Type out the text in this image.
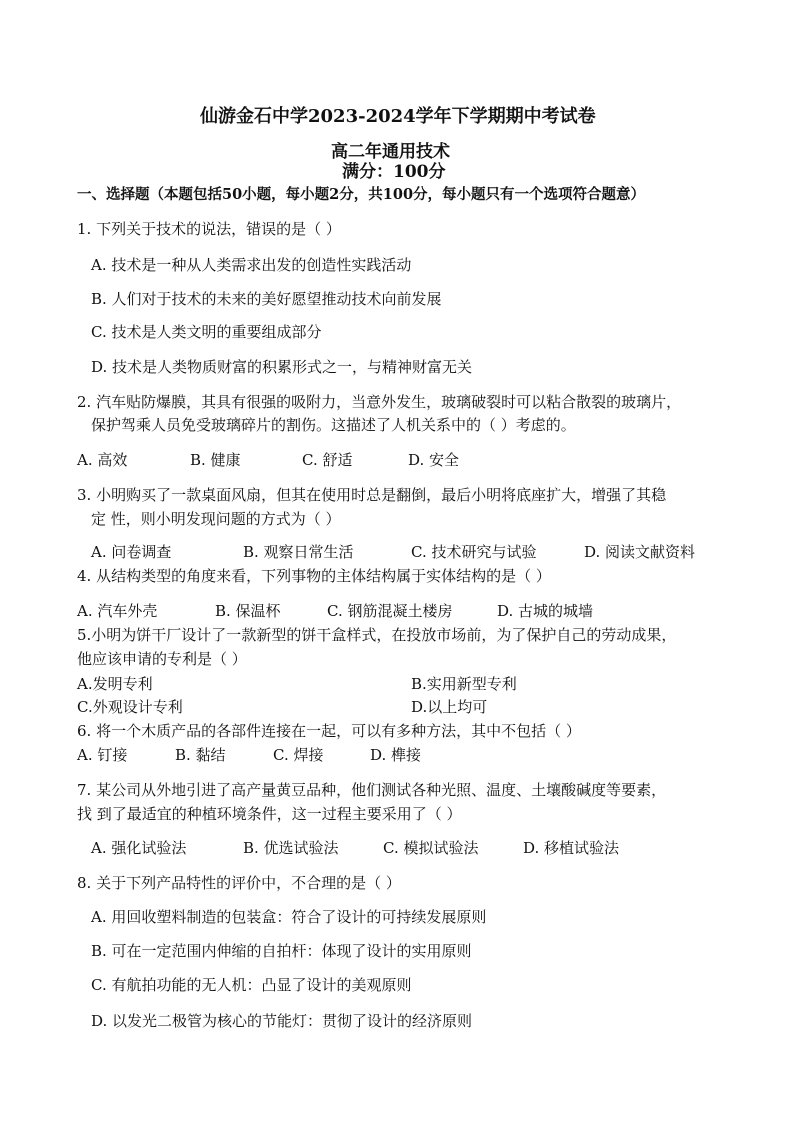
仙游金石中学2023-2024学年下学期期中考试卷
高二年通用技术
满分：100分
一、选择题（本题包括50小题，每小题2分，共100分，每小题只有一个选项符合题意）
1. 下列关于技术的说法，错误的是（ ）
A. 技术是一种从人类需求出发的创造性实践活动
B. 人们对于技术的未来的美好愿望推动技术向前发展
C. 技术是人类文明的重要组成部分
D. 技术是人类物质财富的积累形式之一，与精神财富无关
2. 汽车贴防爆膜，其具有很强的吸附力，当意外发生，玻璃破裂时可以粘合散裂的玻璃片，
保护驾乘人员免受玻璃碎片的割伤。这描述了人机关系中的（ ）考虑的。
A. 高效	B. 健康	C. 舒适	D. 安全
3. 小明购买了一款桌面风扇，但其在使用时总是翻倒，最后小明将底座扩大，增强了其稳
定 性，则小明发现问题的方式为（ ）
A. 问卷调查	B. 观察日常生活	C. 技术研究与试验	D. 阅读文献资料
4. 从结构类型的角度来看，下列事物的主体结构属于实体结构的是（ ）
A. 汽车外壳	B. 保温杯	C. 钢筋混凝土楼房	D. 古城的城墙
5.小明为饼干厂设计了一款新型的饼干盒样式，在投放市场前，为了保护自己的劳动成果，
他应该申请的专利是（ ）
A.发明专利	B.实用新型专利
C.外观设计专利	D.以上均可
6. 将一个木质产品的各部件连接在一起，可以有多种方法，其中不包括（ ）
A. 钉接	B. 黏结	C. 焊接	D. 榫接
7. 某公司从外地引进了高产量黄豆品种，他们测试各种光照、温度、土壤酸碱度等要素，
找 到了最适宜的种植环境条件，这一过程主要采用了（ ）
A. 强化试验法	B. 优选试验法	C. 模拟试验法	D. 移植试验法
8. 关于下列产品特性的评价中，不合理的是（ ）
A. 用回收塑料制造的包装盒：符合了设计的可持续发展原则
B. 可在一定范围内伸缩的自拍杆：体现了设计的实用原则
C. 有航拍功能的无人机：凸显了设计的美观原则
D. 以发光二极管为核心的节能灯：贯彻了设计的经济原则
